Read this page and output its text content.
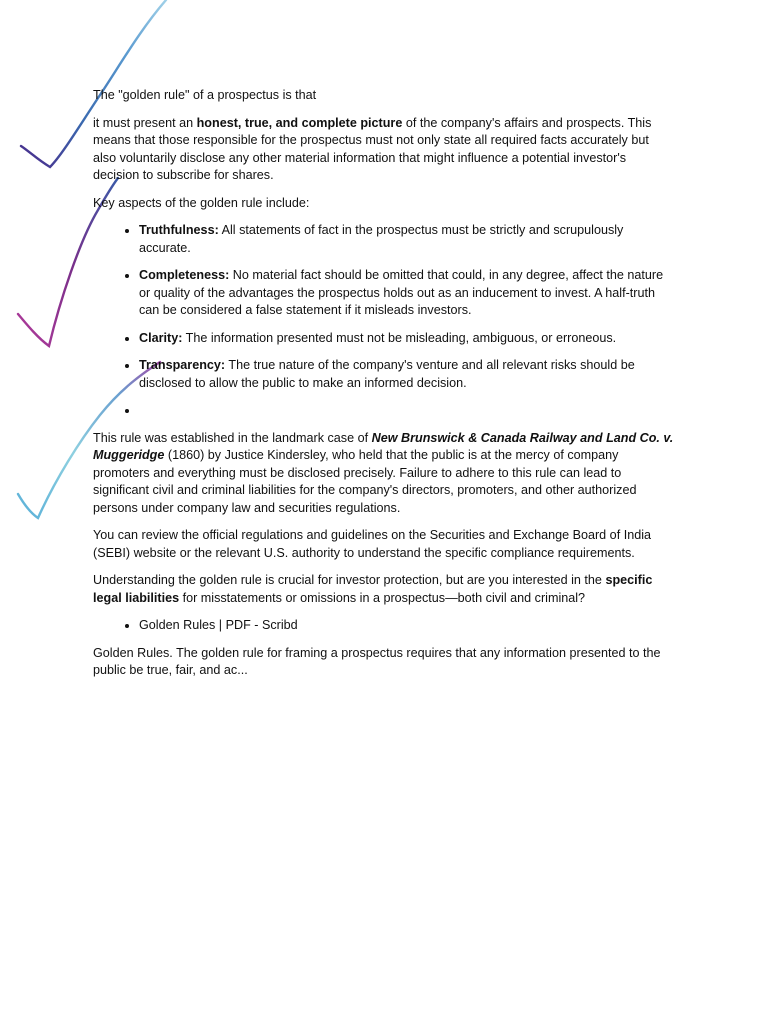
The "golden rule" of a prospectus is that

it must present an honest, true, and complete picture of the company's affairs and prospects. This means that those responsible for the prospectus must not only state all required facts accurately but also voluntarily disclose any other material information that might influence a potential investor's decision to subscribe for shares.

Key aspects of the golden rule include:

• Truthfulness: All statements of fact in the prospectus must be strictly and scrupulously accurate.
• Completeness: No material fact should be omitted that could, in any degree, affect the nature or quality of the advantages the prospectus holds out as an inducement to invest. A half-truth can be considered a false statement if it misleads investors.
• Clarity: The information presented must not be misleading, ambiguous, or erroneous.
• Transparency: The true nature of the company's venture and all relevant risks should be disclosed to allow the public to make an informed decision.
•

This rule was established in the landmark case of New Brunswick & Canada Railway and Land Co. v. Muggeridge (1860) by Justice Kindersley, who held that the public is at the mercy of company promoters and everything must be disclosed precisely. Failure to adhere to this rule can lead to significant civil and criminal liabilities for the company's directors, promoters, and other authorized persons under company law and securities regulations.

You can review the official regulations and guidelines on the Securities and Exchange Board of India (SEBI) website or the relevant U.S. authority to understand the specific compliance requirements.

Understanding the golden rule is crucial for investor protection, but are you interested in the specific legal liabilities for misstatements or omissions in a prospectus—both civil and criminal?

• Golden Rules | PDF - Scribd

Golden Rules. The golden rule for framing a prospectus requires that any information presented to the public be true, fair, and ac...
